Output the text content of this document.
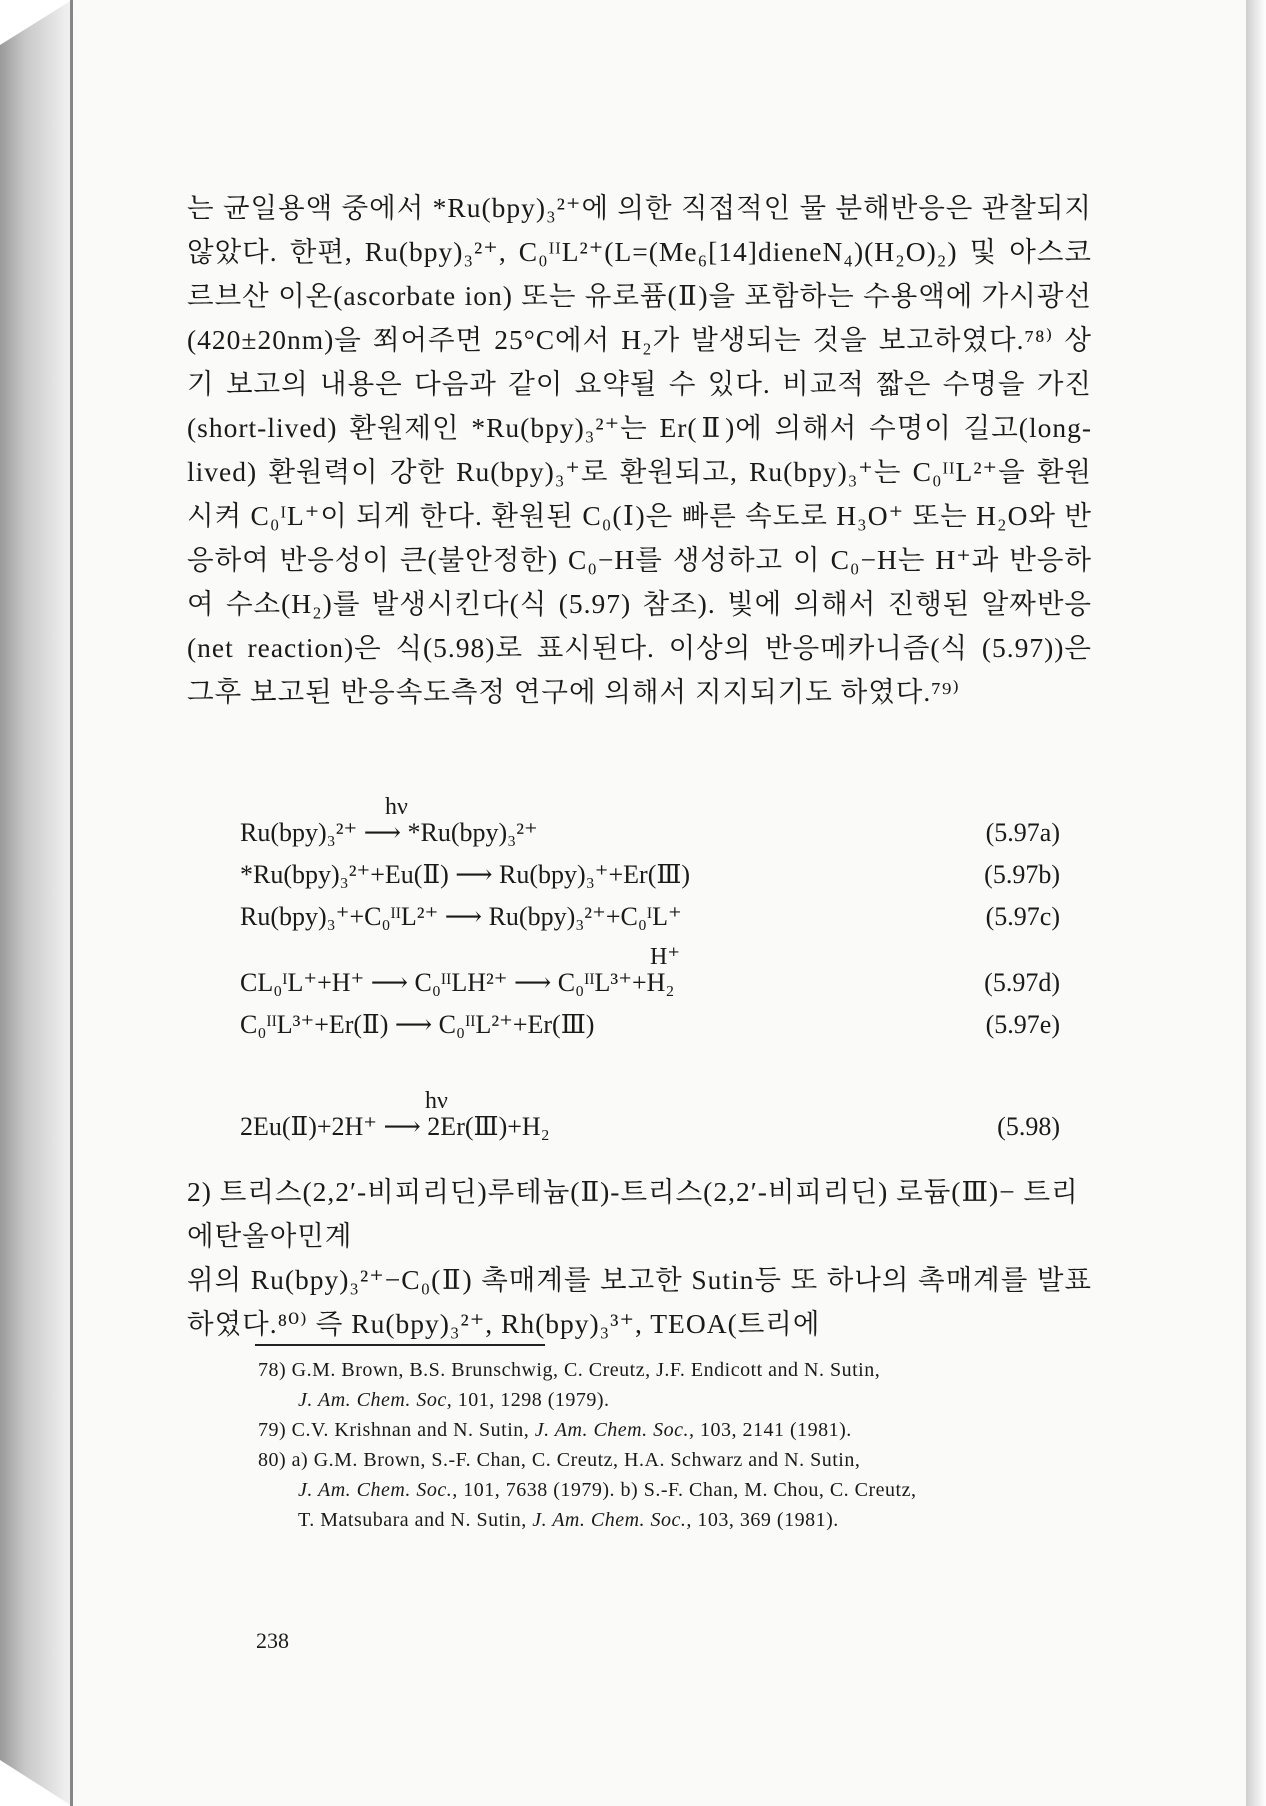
는 균일용액 중에서 *Ru(bpy)₃²⁺에 의한 직접적인 물 분해반응은 관찰되지 않았다. 한편, Ru(bpy)₃²⁺, C₀ᴵᴵL²⁺(L=(Me₆[14]dieneN₄)(H₂O)₂) 및 아스코르브산 이온(ascorbate ion) 또는 유로퓸(Ⅱ)을 포함하는 수용액에 가시광선(420±20nm)을 쬐어주면 25°C에서 H₂가 발생되는 것을 보고하였다.⁷⁸⁾ 상기 보고의 내용은 다음과 같이 요약될 수 있다. 비교적 짧은 수명을 가진(short-lived) 환원제인 *Ru(bpy)₃²⁺는 Er(Ⅱ)에 의해서 수명이 길고(long-lived) 환원력이 강한 Ru(bpy)₃⁺로 환원되고, Ru(bpy)₃⁺는 C₀ᴵᴵL²⁺을 환원시켜 C₀ᴵL⁺이 되게 한다. 환원된 C₀(Ⅰ)은 빠른 속도로 H₃O⁺ 또는 H₂O와 반응하여 반응성이 큰(불안정한) C₀−H를 생성하고 이 C₀−H는 H⁺과 반응하여 수소(H₂)를 발생시킨다(식 (5.97) 참조). 빛에 의해서 진행된 알짜반응(net reaction)은 식(5.98)로 표시된다. 이상의 반응메카니즘(식 (5.97))은 그후 보고된 반응속도측정 연구에 의해서 지지되기도 하였다.⁷⁹⁾

hν
Ru(bpy)₃²⁺ ⟶ *Ru(bpy)₃²⁺	(5.97a)
*Ru(bpy)₃²⁺+Eu(Ⅱ) ⟶ Ru(bpy)₃⁺+Er(Ⅲ)	(5.97b)
Ru(bpy)₃⁺+C₀ᴵᴵL²⁺ ⟶ Ru(bpy)₃²⁺+C₀ᴵL⁺	(5.97c)
H⁺
CL₀ᴵL⁺+H⁺ ⟶ C₀ᴵᴵLH²⁺ ⟶ C₀ᴵᴵL³⁺+H₂	(5.97d)
C₀ᴵᴵL³⁺+Er(Ⅱ) ⟶ C₀ᴵᴵL²⁺+Er(Ⅲ)	(5.97e)
hν
2Eu(Ⅱ)+2H⁺ ⟶ 2Er(Ⅲ)+H₂	(5.98)

2) 트리스(2,2′-비피리딘)루테늄(Ⅱ)-트리스(2,2′-비피리딘) 로듐(Ⅲ)− 트리에탄올아민계

위의 Ru(bpy)₃²⁺−C₀(Ⅱ) 촉매계를 보고한 Sutin등 또 하나의 촉매계를 발표하였다.⁸⁰⁾ 즉 Ru(bpy)₃²⁺, Rh(bpy)₃³⁺, TEOA(트리에

78) G.M. Brown, B.S. Brunschwig, C. Creutz, J.F. Endicott and N. Sutin,
J. Am. Chem. Soc, 101, 1298 (1979).

79) C.V. Krishnan and N. Sutin, J. Am. Chem. Soc., 103, 2141 (1981).

80) a) G.M. Brown, S.-F. Chan, C. Creutz, H.A. Schwarz and N. Sutin,
J. Am. Chem. Soc., 101, 7638 (1979). b) S.-F. Chan, M. Chou, C. Creutz,
T. Matsubara and N. Sutin, J. Am. Chem. Soc., 103, 369 (1981).

238
